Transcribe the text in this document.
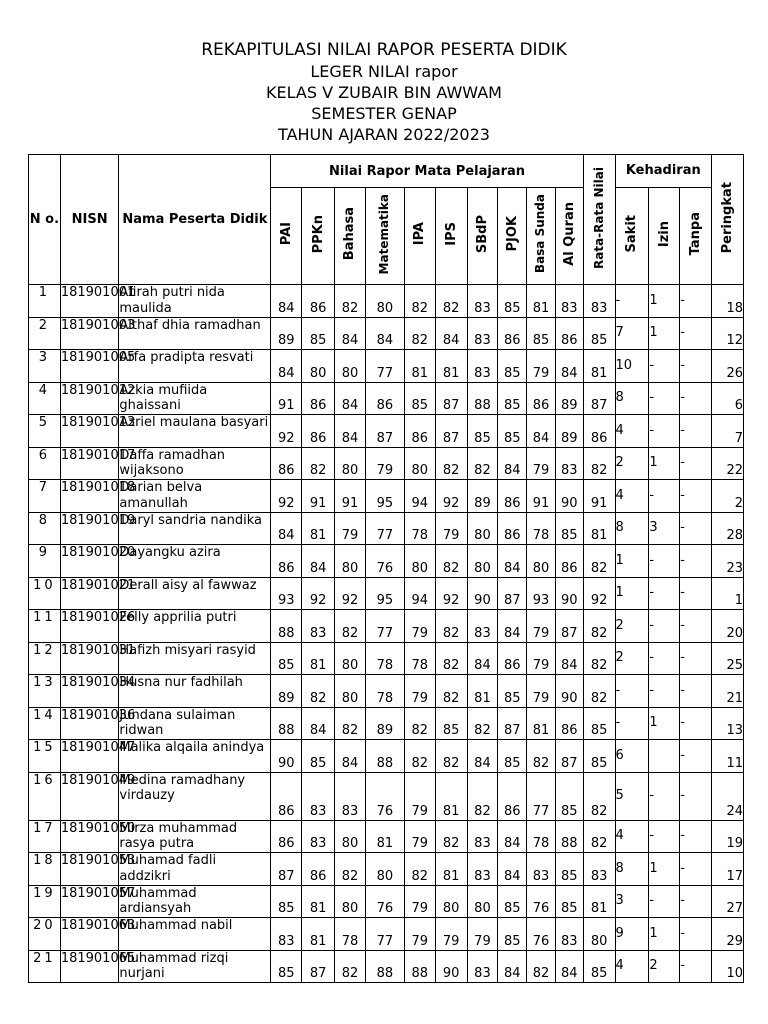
REKAPITULASI NILAI RAPOR PESERTA DIDIK
LEGER NILAI rapor
KELAS V ZUBAIR BIN AWWAM
SEMESTER GENAP
TAHUN AJARAN 2022/2023
N o.	NISN	Nama Peserta Didik	Nilai Rapor Mata Pelajaran										Rata-Rata Nilai	Kehadiran			Peringkat
			PAI	PPKn	Bahasa	Matematika	IPA	IPS	SBdP	PJOK	Basa Sunda	Al Quran		Sakit	Izin	Tanpa	
1	181901001	Afirah putri nida maulida	84	86	82	80	82	82	83	85	81	83	83	-	1	-	18
2	181901003	Althaf dhia ramadhan	89	85	84	84	82	84	83	86	85	86	85	7	1	-	12
3	181901005	Arfa pradipta resvati	84	80	80	77	81	81	83	85	79	84	81	10	-	-	26
4	181901012	Azkia mufiida ghaissani	91	86	84	86	85	87	88	85	86	89	87	8	-	-	6
5	181901013	Azriel maulana basyari	92	86	84	87	86	87	85	85	84	89	86	4	-	-	7
6	181901017	Daffa ramadhan wijaksono	86	82	80	79	80	82	82	84	79	83	82	2	1	-	22
7	181901018	Darian belva amanullah	92	91	91	95	94	92	89	86	91	90	91	4	-	-	2
8	181901019	Daryl sandria nandika	84	81	79	77	78	79	80	86	78	85	81	8	3	-	28
9	181901020	Dayangku azira	86	84	80	76	80	82	80	84	80	86	82	1	-	-	23
10	181901021	Derall aisy al fawwaz	93	92	92	95	94	92	90	87	93	90	92	1	-	-	1
11	181901026	Felly apprilia putri	88	83	82	77	79	82	83	84	79	87	82	2	-	-	20
12	181901031	Hafizh misyari rasyid	85	81	80	78	78	82	84	86	79	84	82	2	-	-	25
13	181901034	Husna nur fadhilah	89	82	80	78	79	82	81	85	79	90	82	-	-	-	21
14	181901036	Jundana sulaiman ridwan	88	84	82	89	82	85	82	87	81	86	85	-	1	-	13
15	181901047	Malika alqaila anindya	90	85	84	88	82	82	84	85	82	87	85	6		-	11
16	181901049	Medina ramadhany virdauzy	86	83	83	76	79	81	82	86	77	85	82	5	-	-	24
17	181901050	Mirza muhammad rasya putra	86	83	80	81	79	82	83	84	78	88	82	4	-	-	19
18	181901053	Muhamad fadli addzikri	87	86	82	80	82	81	83	84	83	85	83	8	1	-	17
19	181901057	Muhammad ardiansyah	85	81	80	76	79	80	80	85	76	85	81	3	-	-	27
20	181901063	Muhammad nabil	83	81	78	77	79	79	79	85	76	83	80	9	1	-	29
21	181901065	Muhammad rizqi nurjani	85	87	82	88	88	90	83	84	82	84	85	4	2	-	10
